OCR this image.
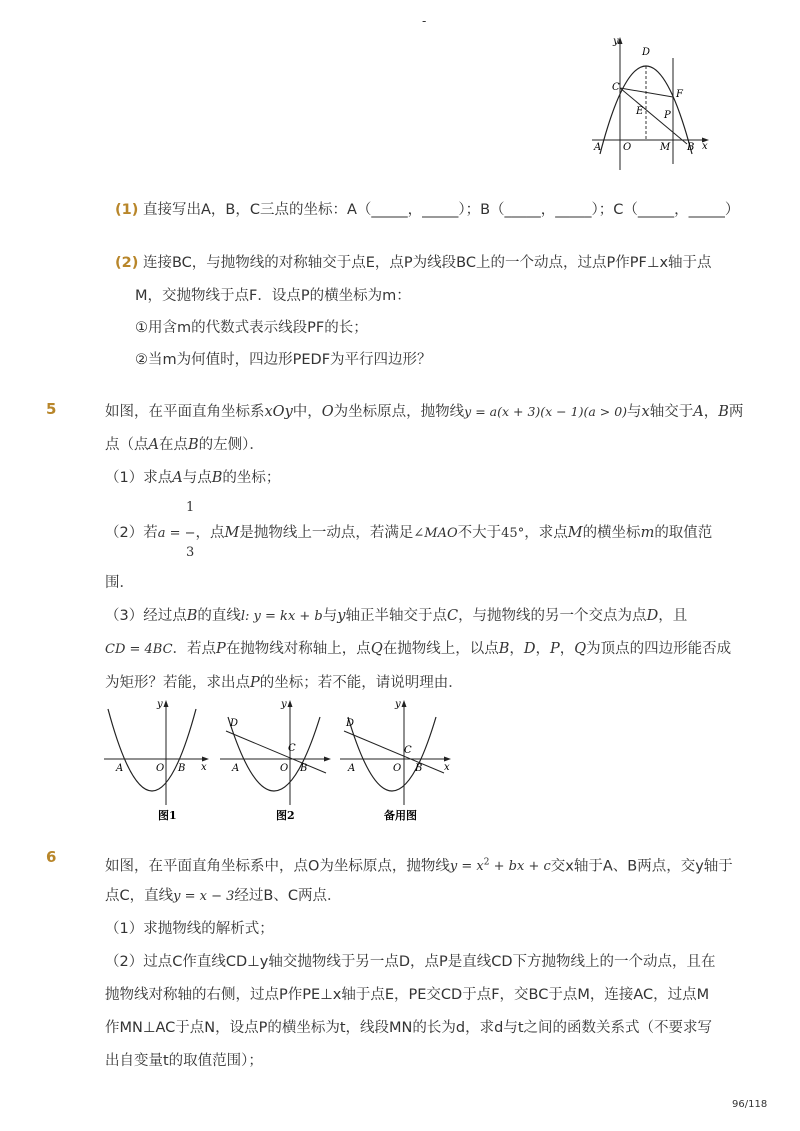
-
y
D
C
F
E P
A O	M B x
(1) 直接写出A，B，C三点的坐标：A（_____，_____）；B（_____，_____）；C（_____，_____）
(2) 连接BC，与抛物线的对称轴交于点E，点P为线段BC上的一个动点，过点P作PF⊥x轴于点
M，交抛物线于点F．设点P的横坐标为m：
①用含m的代数式表示线段PF的长；
②当m为何值时，四边形PEDF为平行四边形？
5	如图，在平面直角坐标系xOy中，O为坐标原点，抛物线y = a(x + 3)(x − 1)(a > 0)与x轴交于A，B两
点（点A在点B的左侧）．
（1）求点A与点B的坐标；
1
3
（2）若a = −，点M是抛物线上一动点，若满足∠MAO不大于45°，求点M的横坐标m的取值范
围．
（3）经过点B的直线l: y = kx + b与y轴正半轴交于点C，与抛物线的另一个交点为点D，且
CD = 4BC．若点P在抛物线对称轴上，点Q在抛物线上，以点B，D，P，Q为顶点的四边形能否成
为矩形？若能，求出点P的坐标；若不能，请说明理由．
y
A	O B x
图1
y
D
C
A	O B
图2
y
D
C
A	O B x
备用图
6
如图，在平面直角坐标系中，点O为坐标原点，抛物线$y = x^2$ + bx + c交x轴于A、B两点，交y轴于
点C，直线y = x − 3经过B、C两点．
（1）求抛物线的解析式；
（2）过点C作直线CD⊥y轴交抛物线于另一点D，点P是直线CD下方抛物线上的一个动点，且在
抛物线对称轴的右侧，过点P作PE⊥x轴于点E，PE交CD于点F，交BC于点M，连接AC，过点M
作MN⊥AC于点N，设点P的横坐标为t，线段MN的长为d，求d与t之间的函数关系式（不要求写
出自变量t的取值范围）；
96/118
